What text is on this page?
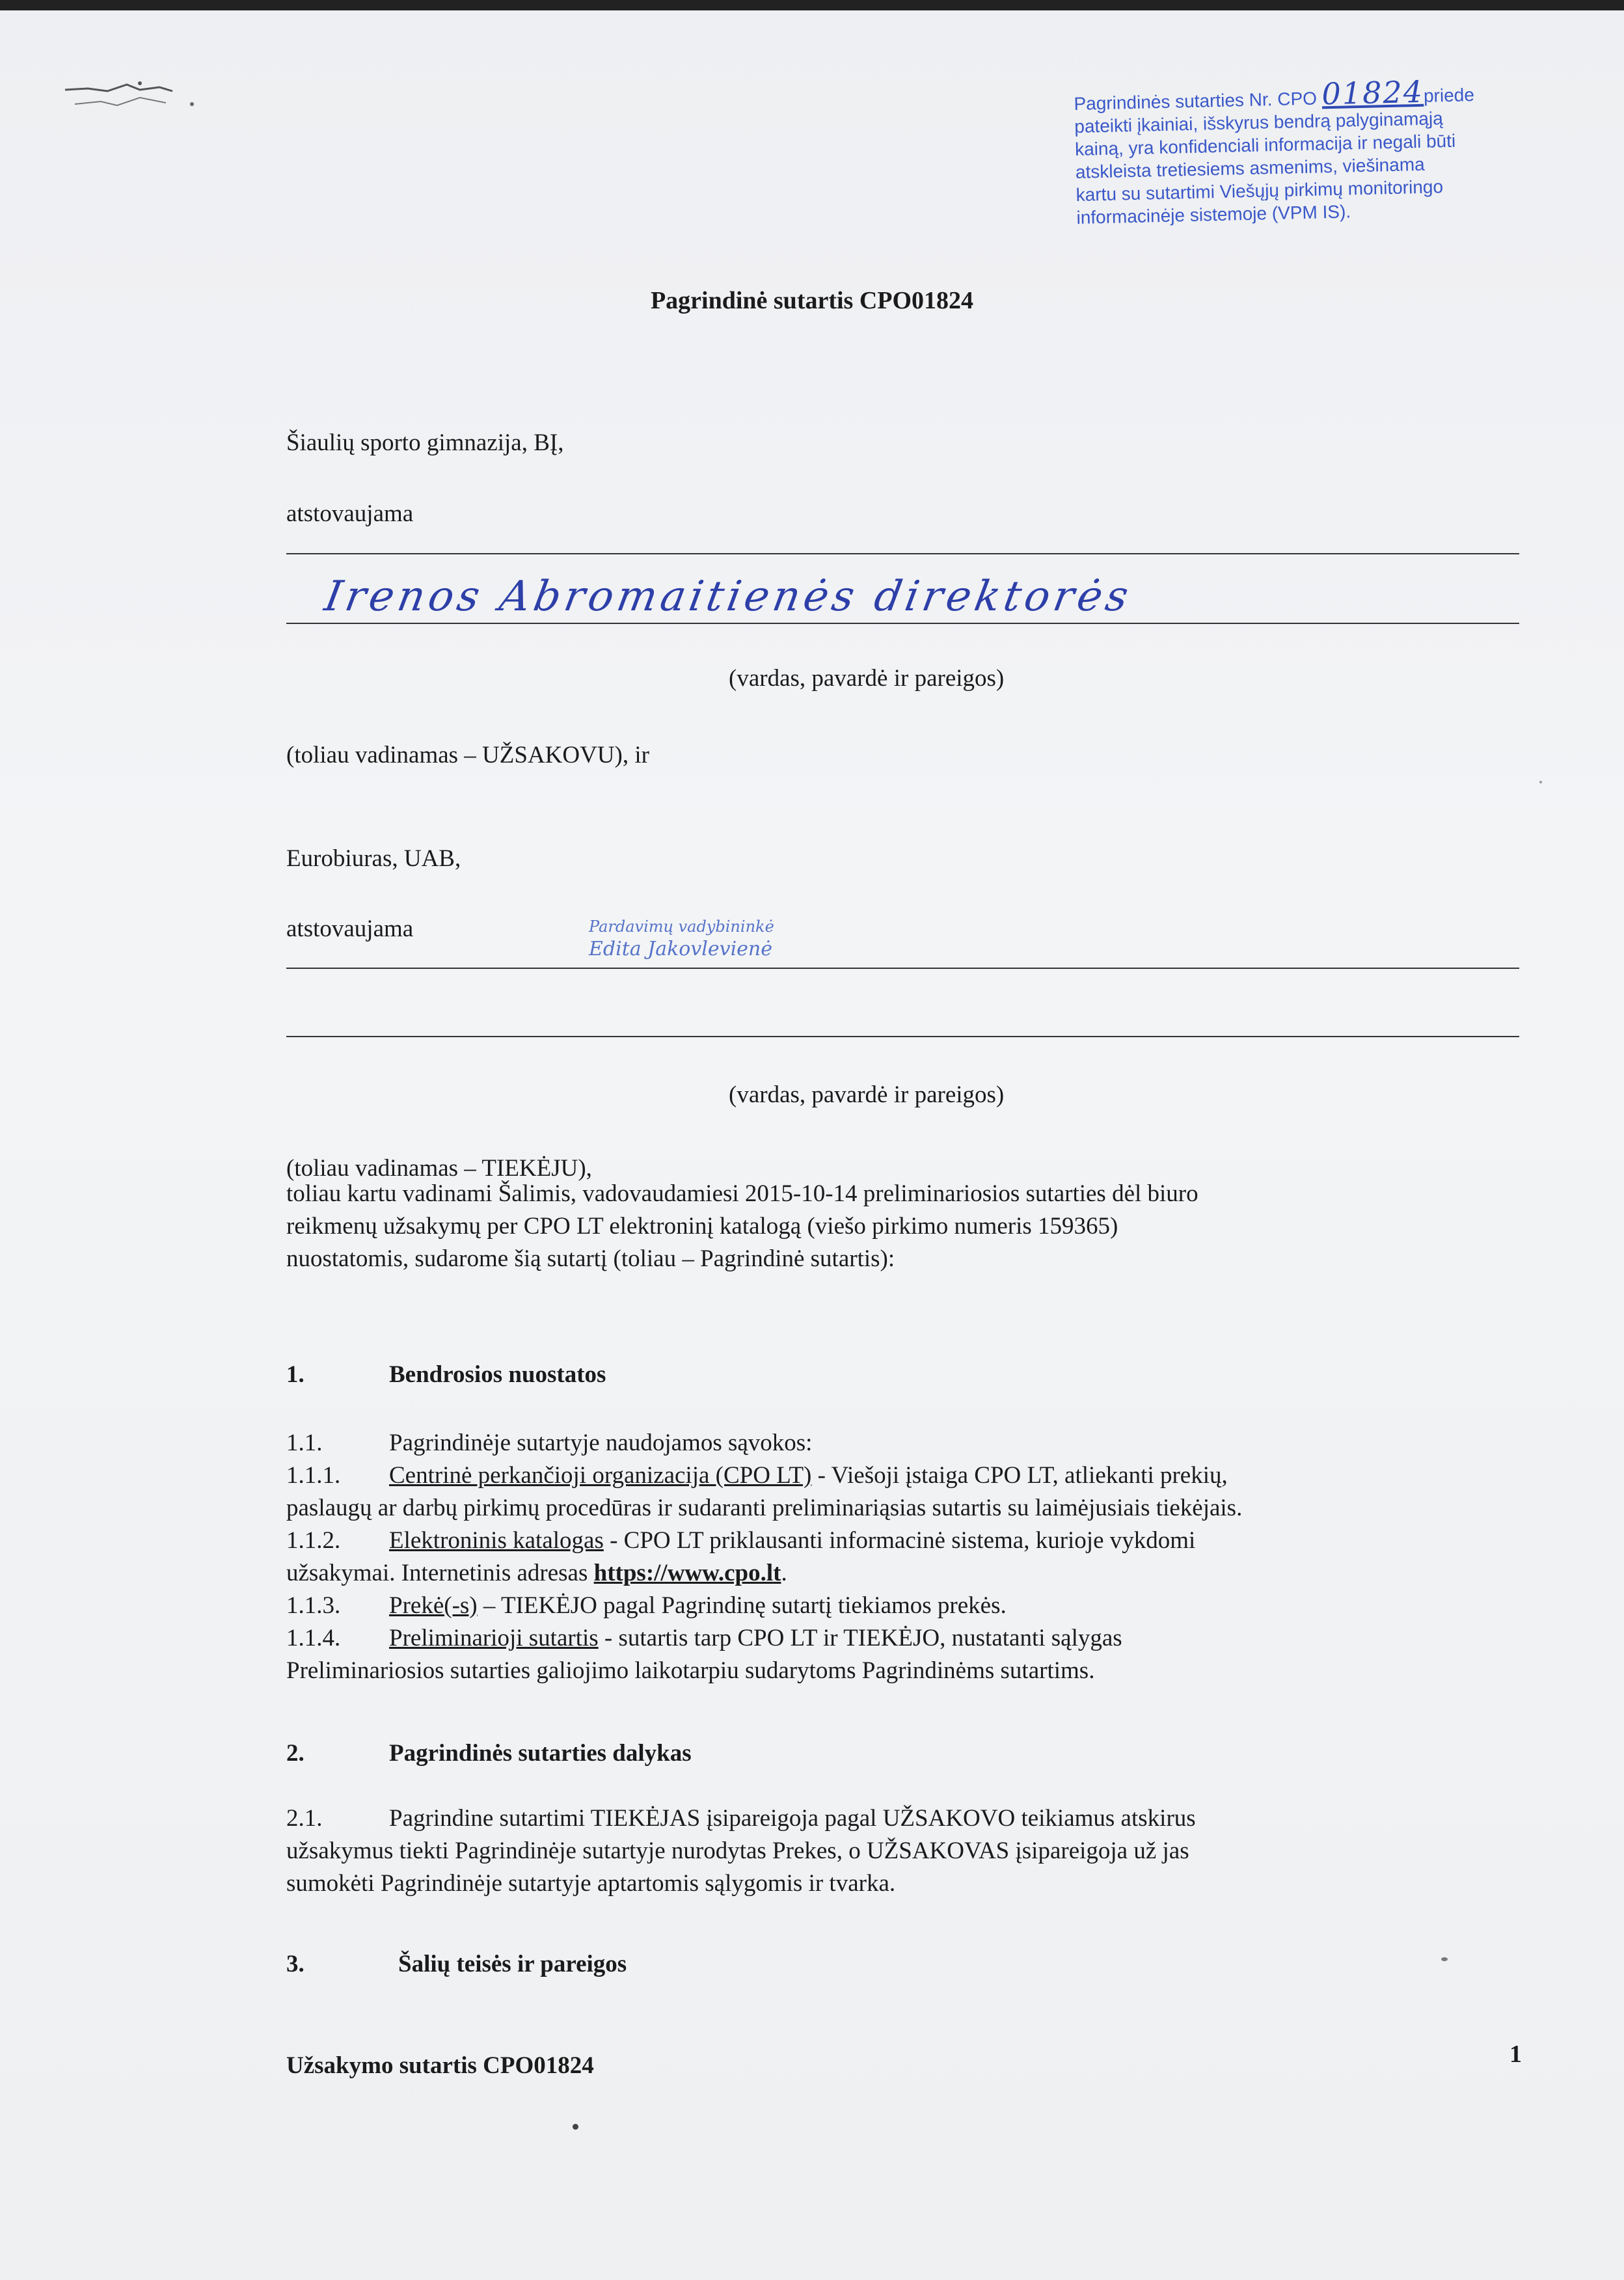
Pagrindinės sutarties Nr. CPO 01824priede
pateikti įkainiai, išskyrus bendrą palyginamąją
kainą, yra konfidenciali informacija ir negali būti
atskleista tretiesiems asmenims, viešinama
kartu su sutartimi Viešųjų pirkimų monitoringo
informacinėje sistemoje (VPM IS).
Pagrindinė sutartis CPO01824
Šiaulių sporto gimnazija, BĮ,
atstovaujama
Irenos Abromaitienės direktorės
(vardas, pavardė ir pareigos)
(toliau vadinamas – UŽSAKOVU), ir
Eurobiuras, UAB,
atstovaujama	Pardavimų vadybininkė
Edita Jakovlevienė
(vardas, pavardė ir pareigos)
(toliau vadinamas – TIEKĖJU),
toliau kartu vadinami Šalimis, vadovaudamiesi 2015-10-14 preliminariosios sutarties dėl biuro
reikmenų užsakymų per CPO LT elektroninį katalogą (viešo pirkimo numeris 159365)
nuostatomis, sudarome šią sutartį (toliau – Pagrindinė sutartis):
1.	Bendrosios nuostatos
1.1.	Pagrindinėje sutartyje naudojamos sąvokos:
1.1.1. Centrinė perkančioji organizacija (CPO LT) - Viešoji įstaiga CPO LT, atliekanti prekių,
paslaugų ar darbų pirkimų procedūras ir sudaranti preliminariąsias sutartis su laimėjusiais tiekėjais.
1.1.2. Elektroninis katalogas - CPO LT priklausanti informacinė sistema, kurioje vykdomi
užsakymai. Internetinis adresas https://www.cpo.lt.
1.1.3. Prekė(-s) – TIEKĖJO pagal Pagrindinę sutartį tiekiamos prekės.
1.1.4. Preliminarioji sutartis - sutartis tarp CPO LT ir TIEKĖJO, nustatanti sąlygas
Preliminariosios sutarties galiojimo laikotarpiu sudarytoms Pagrindinėms sutartims.
2.	Pagrindinės sutarties dalykas
2.1.	Pagrindine sutartimi TIEKĖJAS įsipareigoja pagal UŽSAKOVO teikiamus atskirus
užsakymus tiekti Pagrindinėje sutartyje nurodytas Prekes, o UŽSAKOVAS įsipareigoja už jas
sumokėti Pagrindinėje sutartyje aptartomis sąlygomis ir tvarka.
3.	Šalių teisės ir pareigos
Užsakymo sutartis CPO01824	1
